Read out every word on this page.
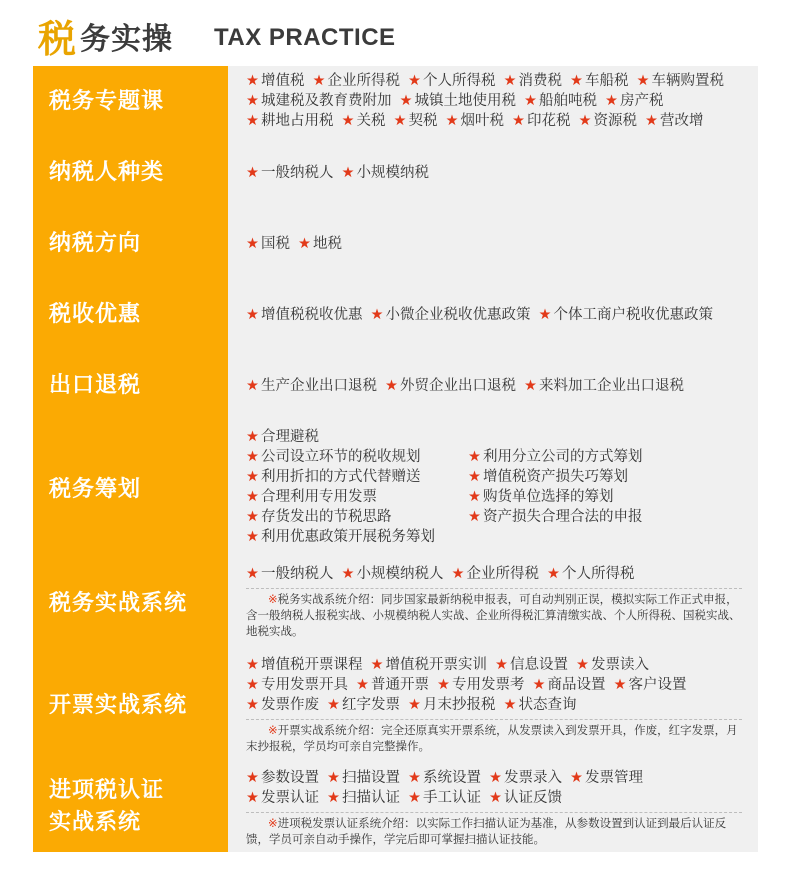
税 务实操 TAX PRACTICE
税务专题课
★ 增值税 ★ 企业所得税 ★ 个人所得税 ★ 消费税 ★ 车船税 ★ 车辆购置税
★ 城建税及教育费附加 ★ 城镇土地使用税 ★ 船舶吨税 ★ 房产税
★ 耕地占用税 ★ 关税 ★ 契税 ★ 烟叶税 ★ 印花税 ★ 资源税 ★ 营改增
纳税人种类	★ 一般纳税人 ★ 小规模纳税
纳税方向	★ 国税 ★ 地税
税收优惠	★ 增值税税收优惠 ★ 小微企业税收优惠政策 ★ 个体工商户税收优惠政策
出口退税	★ 生产企业出口退税 ★ 外贸企业出口退税 ★ 来料加工企业出口退税
税务筹划
★ 合理避税
★ 公司设立环节的税收规划	★ 利用分立公司的方式筹划
★ 利用折扣的方式代替赠送	★ 增值税资产损失巧筹划
★ 合理利用专用发票	★ 购货单位选择的筹划
★ 存货发出的节税思路	★ 资产损失合理合法的申报
★ 利用优惠政策开展税务筹划
税务实战系统
★ 一般纳税人 ★ 小规模纳税人 ★ 企业所得税 ★ 个人所得税
※税务实战系统介绍：同步国家最新纳税申报表，可自动判别正误，模拟实际工作正式申报，含一般纳税人报税实战、小规模纳税人实战、企业所得税汇算清缴实战、个人所得税、国税实战、地税实战。
开票实战系统
★ 增值税开票课程 ★ 增值税开票实训 ★ 信息设置 ★ 发票读入
★ 专用发票开具 ★ 普通开票 ★ 专用发票考 ★ 商品设置 ★ 客户设置
★ 发票作废 ★ 红字发票 ★ 月末抄报税 ★ 状态查询
※开票实战系统介绍：完全还原真实开票系统，从发票读入到发票开具，作废，红字发票，月末抄报税，学员均可亲自完整操作。
进项税认证
实战系统
★ 参数设置 ★ 扫描设置 ★ 系统设置 ★ 发票录入 ★ 发票管理
★ 发票认证 ★ 扫描认证 ★ 手工认证 ★ 认证反馈
※进项税发票认证系统介绍：以实际工作扫描认证为基准，从参数设置到认证到最后认证反馈，学员可亲自动手操作，学完后即可掌握扫描认证技能。
